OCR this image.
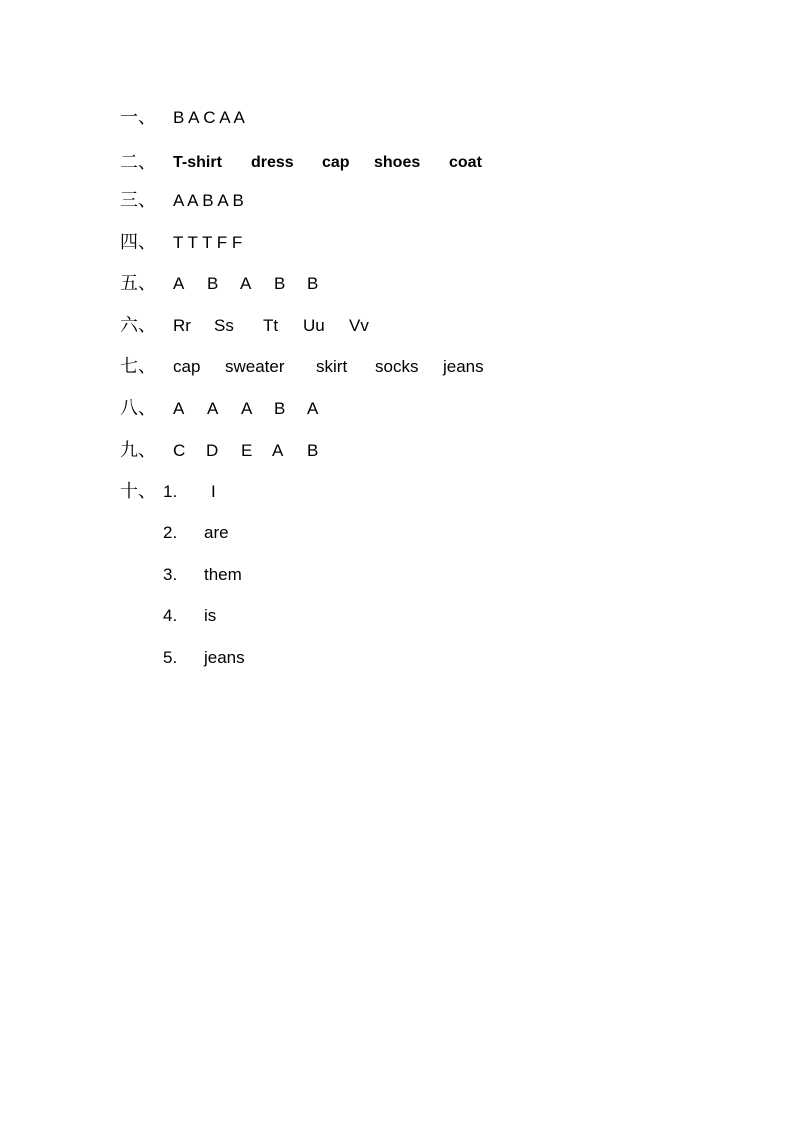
一、 B A C A A
二、 T-shirt dress cap shoes coat
三、 A A B A B
四、 T T T F F
五、 A B A B B
六、 Rr Ss Tt Uu Vv
七、 cap sweater skirt socks jeans
八、 A A A B A
九、 C D E A B
十、 1. I
2. are
3. them
4. is
5. jeans
